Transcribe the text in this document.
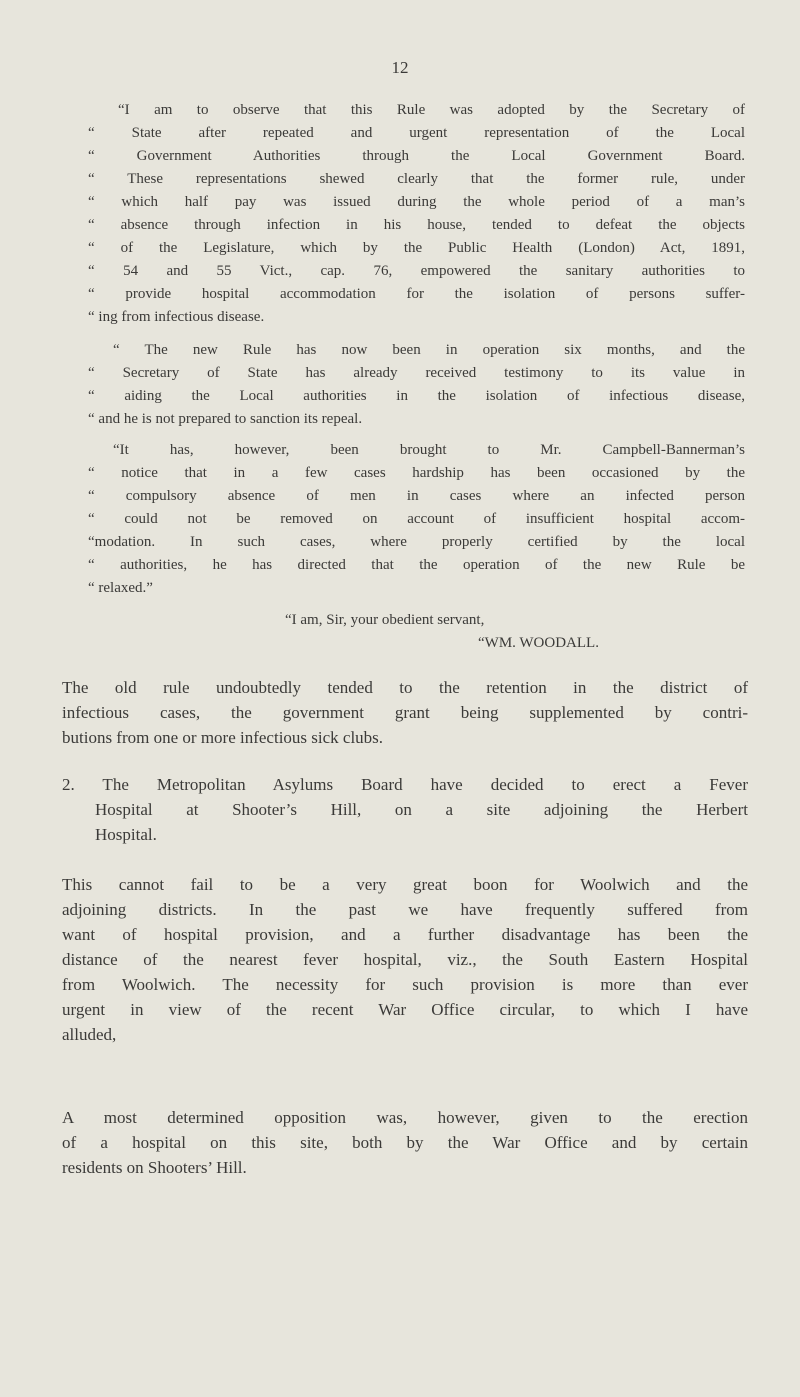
12
“I am to observe that this Rule was adopted by the Secretary of
“ State after repeated and urgent representation of the Local
“ Government Authorities through the Local Government Board.
“ These representations shewed clearly that the former rule, under
“ which half pay was issued during the whole period of a man’s
“ absence through infection in his house, tended to defeat the objects
“ of the Legislature, which by the Public Health (London) Act, 1891,
“ 54 and 55 Vict., cap. 76, empowered the sanitary authorities to
“ provide hospital accommodation for the isolation of persons suffer-
“ ing from infectious disease.
“ The new Rule has now been in operation six months, and the
“ Secretary of State has already received testimony to its value in
“ aiding the Local authorities in the isolation of infectious disease,
“ and he is not prepared to sanction its repeal.
“It has, however, been brought to Mr. Campbell-Bannerman’s
“ notice that in a few cases hardship has been occasioned by the
“ compulsory absence of men in cases where an infected person
“ could not be removed on account of insufficient hospital accom-
“modation. In such cases, where properly certified by the local
“ authorities, he has directed that the operation of the new Rule be
“ relaxed.”
“I am, Sir, your obedient servant,
“WM. WOODALL.
The old rule undoubtedly tended to the retention in the district of
infectious cases, the government grant being supplemented by contri-
butions from one or more infectious sick clubs.
2. The Metropolitan Asylums Board have decided to erect a Fever
Hospital at Shooter’s Hill, on a site adjoining the Herbert
Hospital.
This cannot fail to be a very great boon for Woolwich and the
adjoining districts. In the past we have frequently suffered from
want of hospital provision, and a further disadvantage has been the
distance of the nearest fever hospital, viz., the South Eastern Hospital
from Woolwich. The necessity for such provision is more than ever
urgent in view of the recent War Office circular, to which I have
alluded,
A most determined opposition was, however, given to the erection
of a hospital on this site, both by the War Office and by certain
residents on Shooters’ Hill.
